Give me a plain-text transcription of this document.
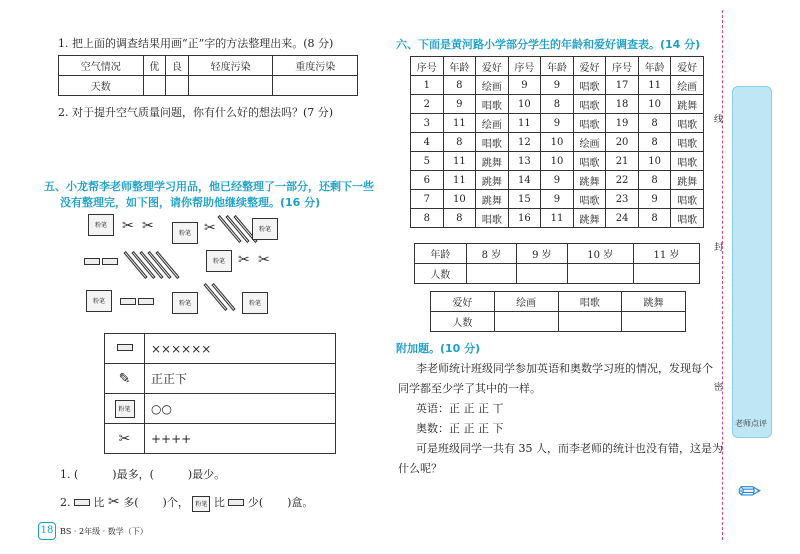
1. 把上面的调查结果用画“正”字的方法整理出来。(8 分)
空气情况	优	良	轻度污染	重度污染
天数				
2. 对于提升空气质量问题，你有什么好的想法吗？(7 分)
五、小龙帮李老师整理学习用品，他已经整理了一部分，还剩下一些
没有整理完，如下图，请你帮助他继续整理。(16 分)
粉笔	✂ ✂	粉笔 ✂	粉笔
粉笔 ✂ ✂
粉笔	粉笔	粉笔
	××××××
✎	正正下
粉笔	○○
✂	++++
1. (	)最多，(	)最少。
2. 比 ✂ 多( )个， 粉笔 比 少( )盒。
18 BS · 2年级 · 数学（下）
六、下面是黄河路小学部分学生的年龄和爱好调查表。(14 分)
序号	年龄	爱好	序号	年龄	爱好	序号	年龄	爱好
1	8	绘画	9	9	唱歌	17	11	绘画
2	9	唱歌	10	8	唱歌	18	10	跳舞
3	11	绘画	11	9	唱歌	19	8	唱歌
4	8	唱歌	12	10	绘画	20	8	唱歌
5	11	跳舞	13	10	唱歌	21	10	唱歌
6	11	跳舞	14	9	跳舞	22	8	跳舞
7	10	跳舞	15	9	唱歌	23	9	唱歌
8	8	唱歌	16	11	跳舞	24	8	唱歌
年龄	8 岁	9 岁	10 岁	11 岁
人数				
爱好	绘画	唱歌	跳舞
人数			
附加题。(10 分)
李老师统计班级同学参加英语和奥数学习班的情况，发现每个
同学都至少学了其中的一样。
英语：正 正 正 丅
奥数：正 正 正 下
可是班级同学一共有 35 人，而李老师的统计也没有错，这是为
什么呢？
线
封
密
老师点评
✏
